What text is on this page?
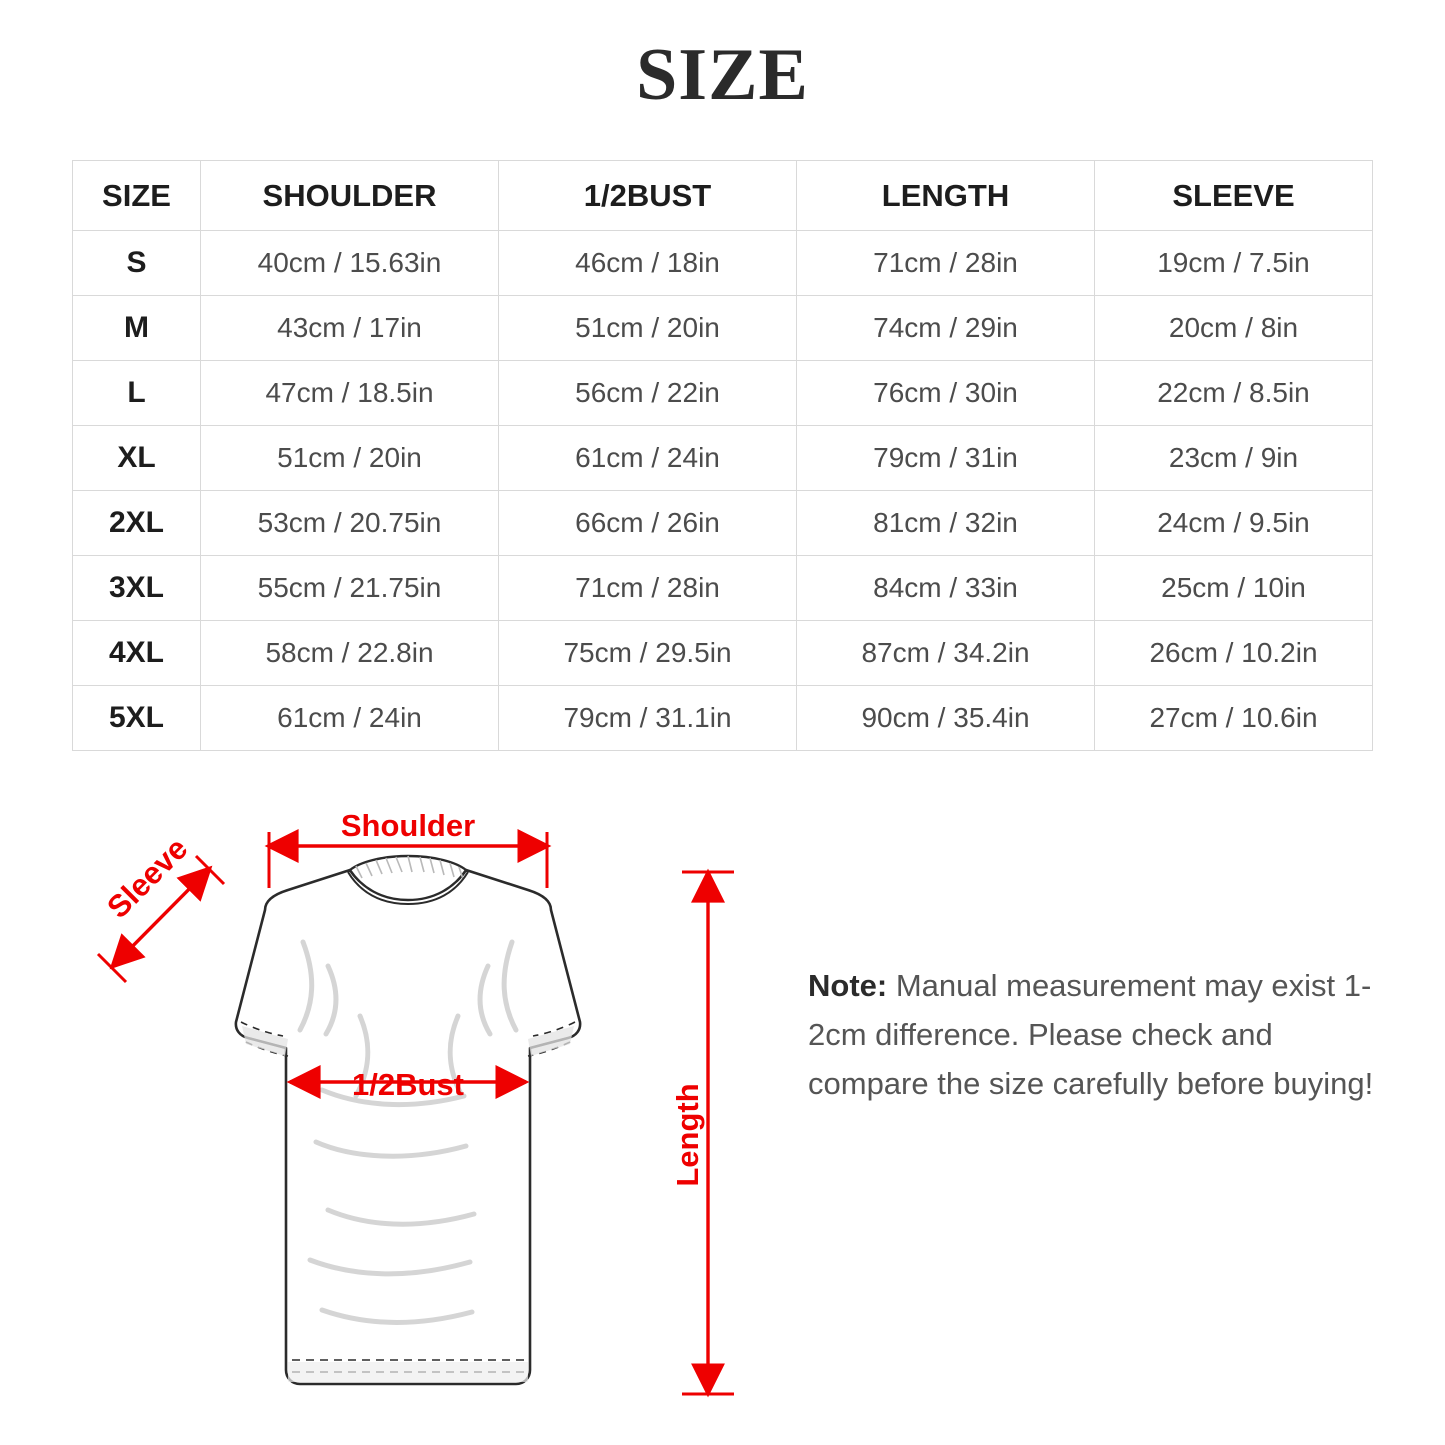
SIZE
SIZE	SHOULDER	1/2BUST	LENGTH	SLEEVE
S	40cm / 15.63in	46cm / 18in	71cm / 28in	19cm / 7.5in
M	43cm / 17in	51cm / 20in	74cm / 29in	20cm / 8in
L	47cm / 18.5in	56cm / 22in	76cm / 30in	22cm / 8.5in
XL	51cm / 20in	61cm / 24in	79cm / 31in	23cm / 9in
2XL	53cm / 20.75in	66cm / 26in	81cm / 32in	24cm / 9.5in
3XL	55cm / 21.75in	71cm / 28in	84cm / 33in	25cm / 10in
4XL	58cm / 22.8in	75cm / 29.5in	87cm / 34.2in	26cm / 10.2in
5XL	61cm / 24in	79cm / 31.1in	90cm / 35.4in	27cm / 10.6in
Shoulder
Sleeve
1/2Bust	Length
Note: Manual measurement may exist 1-2cm difference. Please check and compare the size carefully before buying!
